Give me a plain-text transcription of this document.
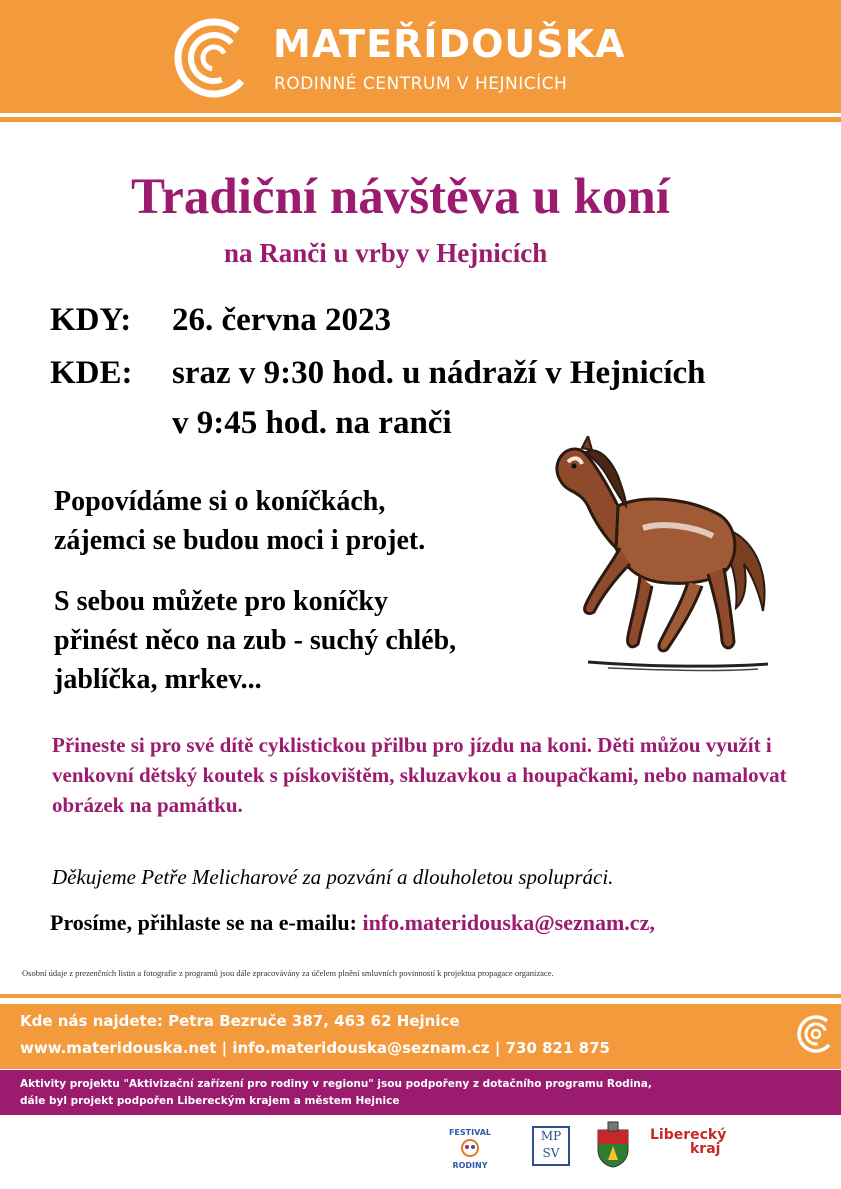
MATEŘÍDOUŠKA
RODINNÉ CENTRUM V HEJNICÍCH
Tradiční návštěva u koní
na Ranči u vrby v Hejnicích
KDY: 26. června 2023
KDE: sraz v 9:30 hod. u nádraží v Hejnicích
v 9:45 hod. na ranči
Popovídáme si o koníčkách,
zájemci se budou moci i projet.
S sebou můžete pro koníčky
přinést něco na zub - suchý chléb,
jablíčka, mrkev...
Přineste si pro své dítě cyklistickou přilbu pro jízdu na koni. Děti můžou využít i venkovní dětský koutek s pískovištěm, skluzavkou a houpačkami, nebo namalovat obrázek na památku.
Děkujeme Petře Melicharové za pozvání a dlouholetou spolupráci.
Prosíme, přihlaste se na e-mailu: info.materidouska@seznam.cz,
Osobní údaje z prezenčních listin a fotografie z programů jsou dále zpracovávány za účelem plnění smluvních povinností k projektua propagace organizace.
Kde nás najdete: Petra Bezruče 387, 463 62 Hejnice
www.materidouska.net | info.materidouska@seznam.cz | 730 821 875
Aktivity projektu "Aktivizační zařízení pro rodiny v regionu" jsou podpořeny z dotačního programu Rodina,
dále byl projekt podpořen Libereckým krajem a městem Hejnice
FESTIVAL
RODINY
MP
SV
Liberecký
kraj
